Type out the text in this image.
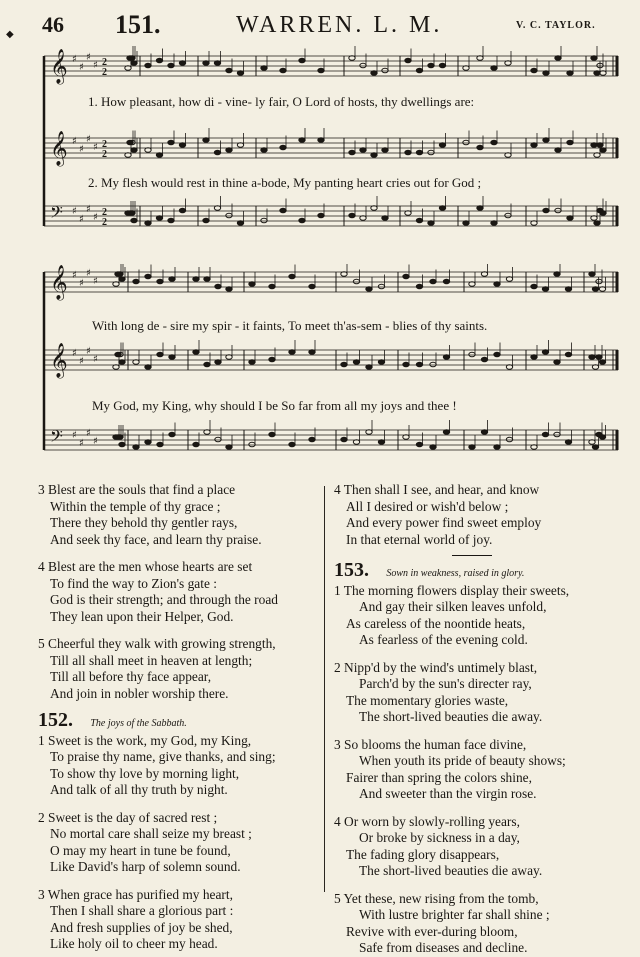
◆ 46 151.	WARREN. L. M.	V. C. TAYLOR.
𝄞 ♯
♯
♯
♯ 2
2
𝄞 ♯
♯
♯
♯ 2
2
𝄢 ♯
♯
♯
♯ 2
2
1. How pleasant, how di - vine- ly fair, O Lord of hosts, thy dwellings are:
2. My flesh would rest in thine a-bode, My panting heart cries out for God ;
𝄞 ♯
♯
♯
♯
𝄞 ♯
♯
♯
♯
𝄢 ♯
♯
♯
♯
With long de - sire my spir - it faints, To meet th'as-sem - blies of thy saints.
My God, my King, why should I be So far from all my joys and thee !

3 Blest are the souls that find a place

Within the temple of thy grace ;

There they behold thy gentler rays,

And seek thy face, and learn thy praise.

4 Blest are the men whose hearts are set

To find the way to Zion's gate :

God is their strength; and through the road

They lean upon their Helper, God.

5 Cheerful they walk with growing strength,

Till all shall meet in heaven at length;

Till all before thy face appear,

And join in nobler worship there.

152. The joys of the Sabbath.

1 Sweet is the work, my God, my King,

To praise thy name, give thanks, and sing;

To show thy love by morning light,

And talk of all thy truth by night.

2 Sweet is the day of sacred rest ;

No mortal care shall seize my breast ;

O may my heart in tune be found,

Like David's harp of solemn sound.

3 When grace has purified my heart,

Then I shall share a glorious part :

And fresh supplies of joy be shed,

Like holy oil to cheer my head.

4 Then shall I see, and hear, and know

All I desired or wish'd below ;

And every power find sweet employ

In that eternal world of joy.

153. Sown in weakness, raised in glory.

1 The morning flowers display their sweets,

And gay their silken leaves unfold,

As careless of the noontide heats,

As fearless of the evening cold.

2 Nipp'd by the wind's untimely blast,

Parch'd by the sun's directer ray,

The momentary glories waste,

The short-lived beauties die away.

3 So blooms the human face divine,

When youth its pride of beauty shows;

Fairer than spring the colors shine,

And sweeter than the virgin rose.

4 Or worn by slowly-rolling years,

Or broke by sickness in a day,

The fading glory disappears,

The short-lived beauties die away.

5 Yet these, new rising from the tomb,

With lustre brighter far shall shine ;

Revive with ever-during bloom,

Safe from diseases and decline.
